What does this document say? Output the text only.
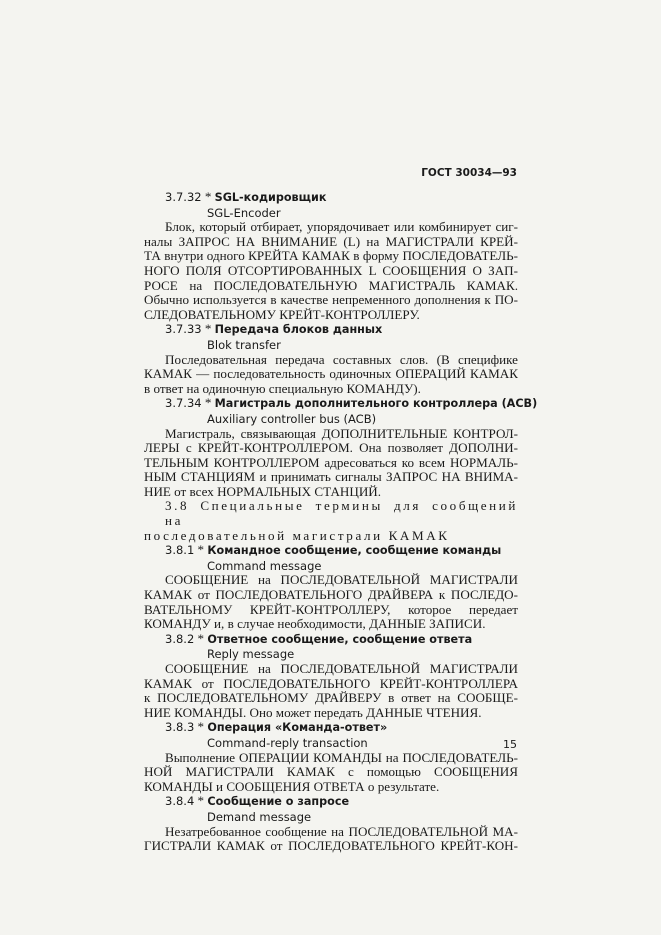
ГОСТ 30034—93
3.7.32 * SGL-кодировщик
SGL-Encoder
Блок, который отбирает, упорядочивает или комбинирует сиг-
налы ЗАПРОС НА ВНИМАНИЕ (L) на МАГИСТРАЛИ КРЕЙ-
ТА внутри одного КРЕЙТА КАМАК в форму ПОСЛЕДОВАТЕЛЬ-
НОГО ПОЛЯ ОТСОРТИРОВАННЫХ L СООБЩЕНИЯ О ЗАП-
РОСЕ на ПОСЛЕДОВАТЕЛЬНУЮ МАГИСТРАЛЬ КАМАК.
Обычно используется в качестве непременного дополнения к ПО-
СЛЕДОВАТЕЛЬНОМУ КРЕЙТ-КОНТРОЛЛЕРУ.
3.7.33 * Передача блоков данных
Blok transfer
Последовательная передача составных слов. (В специфике
КАМАК — последовательность одиночных ОПЕРАЦИЙ КАМАК
в ответ на одиночную специальную КОМАНДУ).
3.7.34 * Магистраль дополнительного контроллера (ACB)
Auxiliary controller bus (ACB)
Магистраль, связывающая ДОПОЛНИТЕЛЬНЫЕ КОНТРОЛ-
ЛЕРЫ с КРЕЙТ-КОНТРОЛЛЕРОМ. Она позволяет ДОПОЛНИ-
ТЕЛЬНЫМ КОНТРОЛЛЕРОМ адресоваться ко всем НОРМАЛЬ-
НЫМ СТАНЦИЯМ и принимать сигналы ЗАПРОС НА ВНИМА-
НИЕ от всех НОРМАЛЬНЫХ СТАНЦИЙ.
3.8 Специальные термины для сообщений на
последовательной магистрали КАМАК
3.8.1 * Командное сообщение, сообщение команды
Command message
СООБЩЕНИЕ на ПОСЛЕДОВАТЕЛЬНОЙ МАГИСТРАЛИ
КАМАК от ПОСЛЕДОВАТЕЛЬНОГО ДРАЙВЕРА к ПОСЛЕДО-
ВАТЕЛЬНОМУ КРЕЙТ-КОНТРОЛЛЕРУ, которое передает
КОМАНДУ и, в случае необходимости, ДАННЫЕ ЗАПИСИ.
3.8.2 * Ответное сообщение, сообщение ответа
Reply message
СООБЩЕНИЕ на ПОСЛЕДОВАТЕЛЬНОЙ МАГИСТРАЛИ
КАМАК от ПОСЛЕДОВАТЕЛЬНОГО КРЕЙТ-КОНТРОЛЛЕРА
к ПОСЛЕДОВАТЕЛЬНОМУ ДРАЙВЕРУ в ответ на СООБЩЕ-
НИЕ КОМАНДЫ. Оно может передать ДАННЫЕ ЧТЕНИЯ.
3.8.3 * Операция «Команда-ответ»
Command-reply transaction
Выполнение ОПЕРАЦИИ КОМАНДЫ на ПОСЛЕДОВАТЕЛЬ-
НОЙ МАГИСТРАЛИ КАМАК с помощью СООБЩЕНИЯ
КОМАНДЫ и СООБЩЕНИЯ ОТВЕТА о результате.
3.8.4 * Сообщение о запросе
Demand message
Незатребованное сообщение на ПОСЛЕДОВАТЕЛЬНОЙ МА-
ГИСТРАЛИ КАМАК от ПОСЛЕДОВАТЕЛЬНОГО КРЕЙТ-КОН-
15
